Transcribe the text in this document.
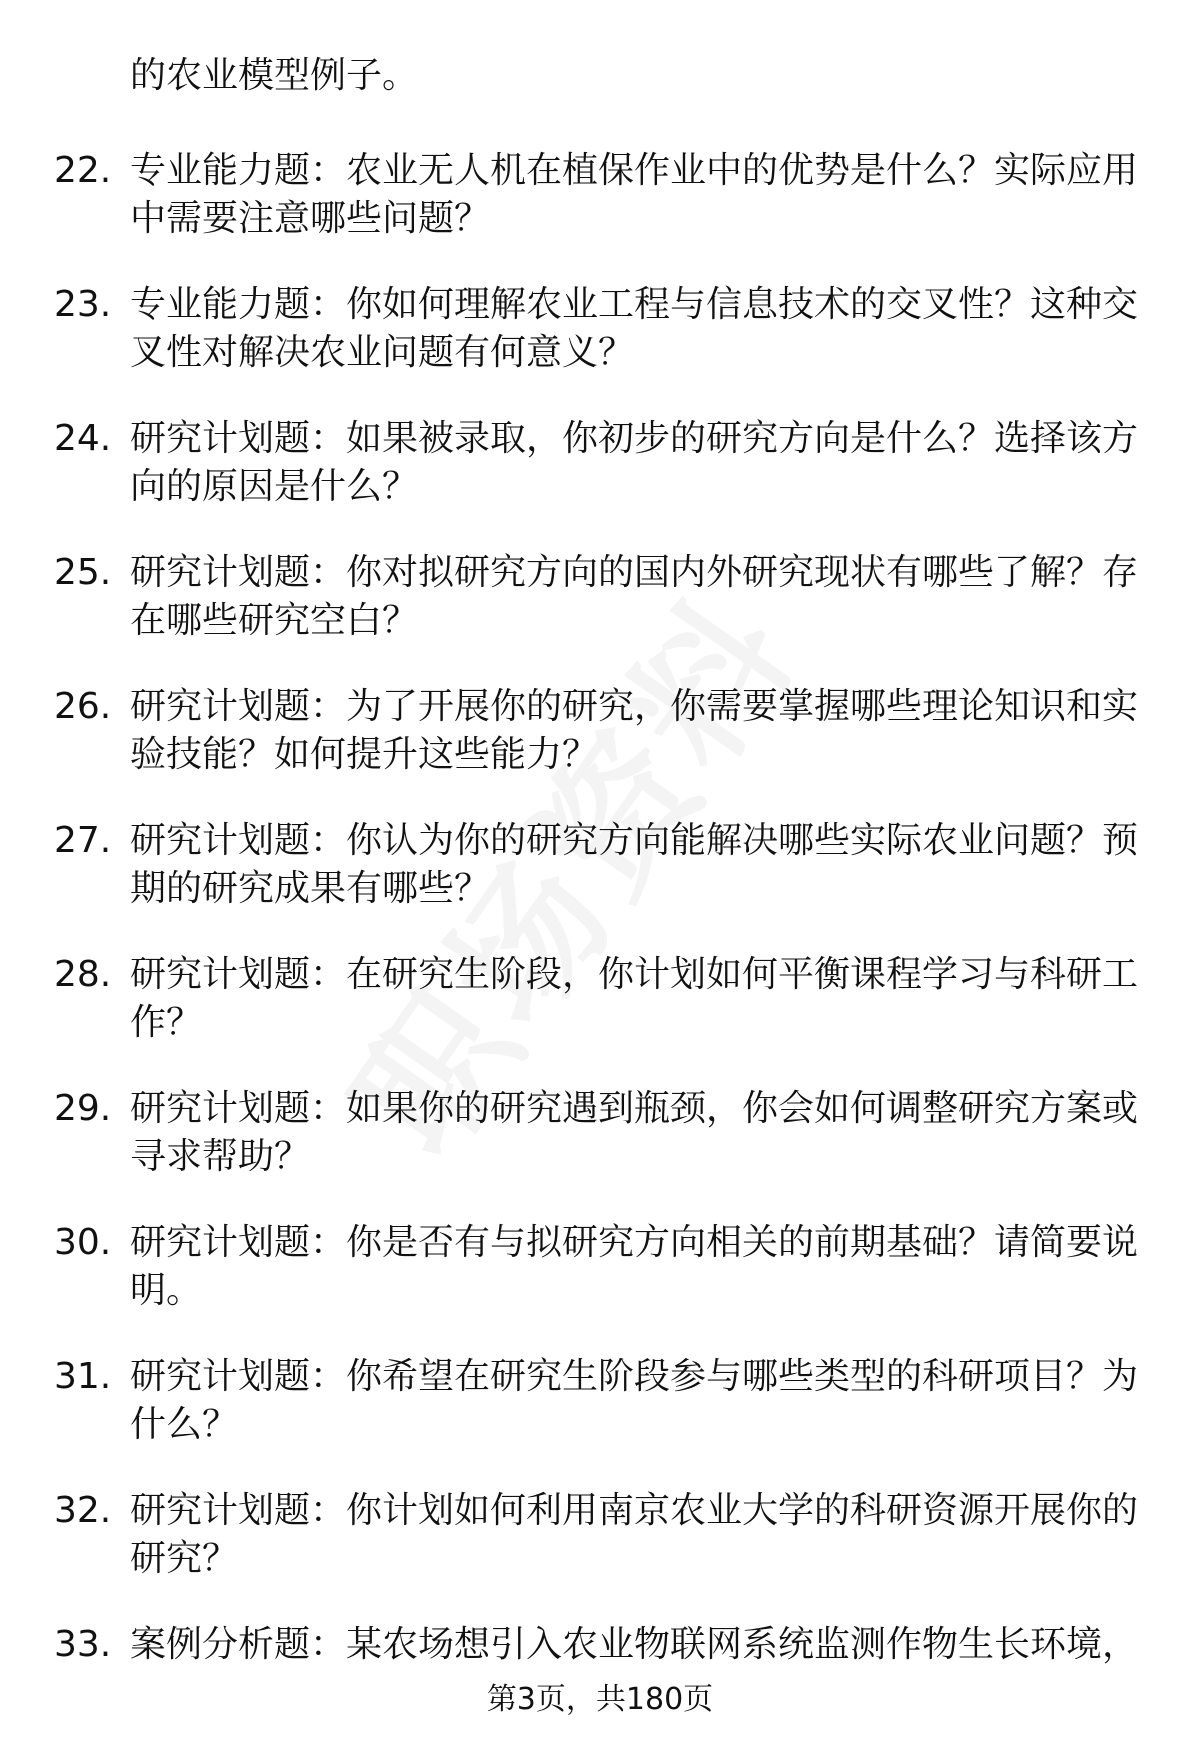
的农业模型例子。
22. 专业能力题：农业无人机在植保作业中的优势是什么？实际应用中需要注意哪些问题？
23. 专业能力题：你如何理解农业工程与信息技术的交叉性？这种交叉性对解决农业问题有何意义？
24. 研究计划题：如果被录取，你初步的研究方向是什么？选择该方向的原因是什么？
25. 研究计划题：你对拟研究方向的国内外研究现状有哪些了解？存在哪些研究空白？
26. 研究计划题：为了开展你的研究，你需要掌握哪些理论知识和实验技能？如何提升这些能力？
27. 研究计划题：你认为你的研究方向能解决哪些实际农业问题？预期的研究成果有哪些？
28. 研究计划题：在研究生阶段，你计划如何平衡课程学习与科研工作？
29. 研究计划题：如果你的研究遇到瓶颈，你会如何调整研究方案或寻求帮助？
30. 研究计划题：你是否有与拟研究方向相关的前期基础？请简要说明。
31. 研究计划题：你希望在研究生阶段参与哪些类型的科研项目？为什么？
32. 研究计划题：你计划如何利用南京农业大学的科研资源开展你的研究？
33. 案例分析题：某农场想引入农业物联网系统监测作物生长环境，
第3页，共180页
